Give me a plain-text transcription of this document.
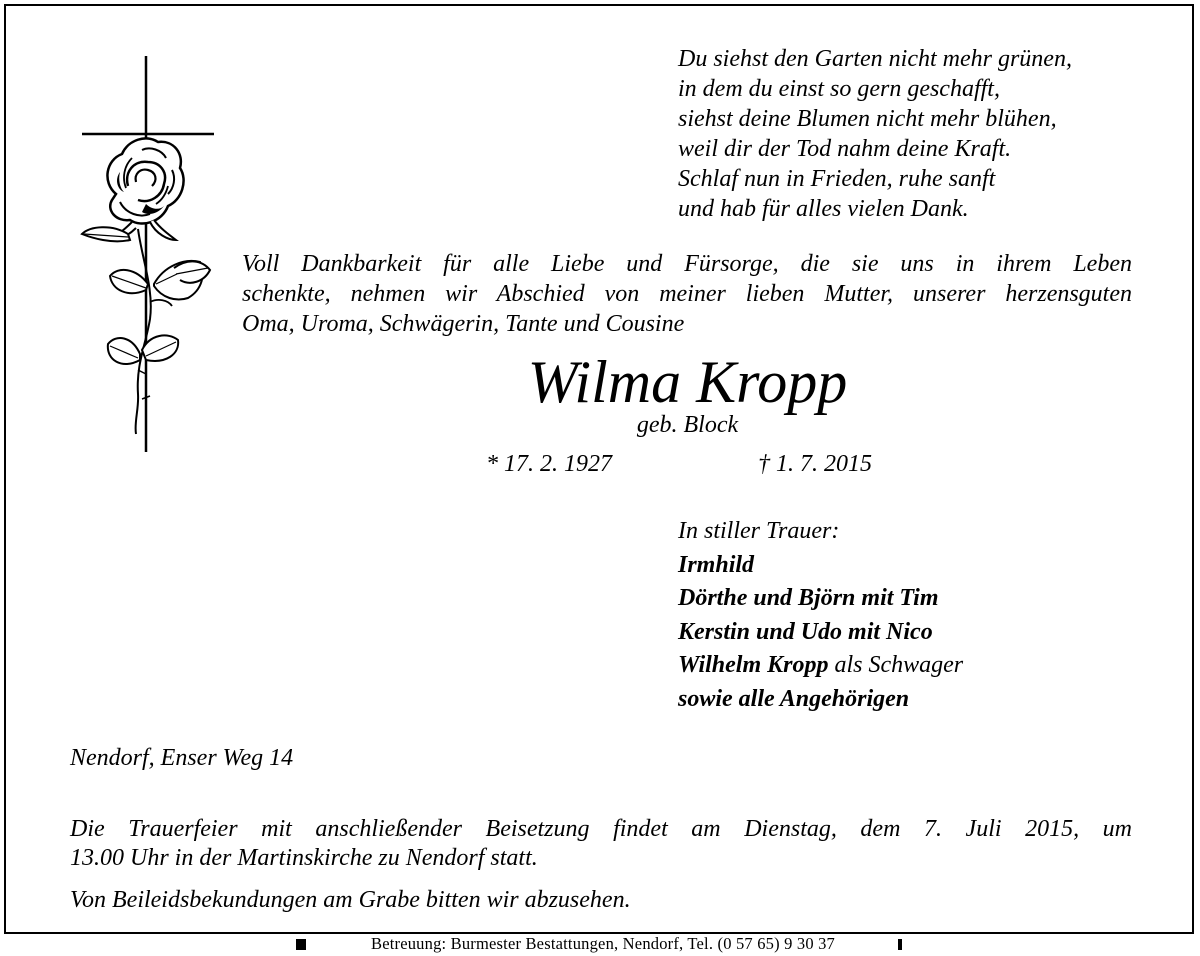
Du siehst den Garten nicht mehr grünen,
in dem du einst so gern geschafft,
siehst deine Blumen nicht mehr blühen,
weil dir der Tod nahm deine Kraft.
Schlaf nun in Frieden, ruhe sanft
und hab für alles vielen Dank.
Voll Dankbarkeit für alle Liebe und Fürsorge, die sie uns in ihrem Leben
schenkte, nehmen wir Abschied von meiner lieben Mutter, unserer herzensguten
Oma, Uroma, Schwägerin, Tante und Cousine
Wilma Kropp
geb. Block
* 17. 2. 1927	† 1. 7. 2015
In stiller Trauer:
Irmhild
Dörthe und Björn mit Tim
Kerstin und Udo mit Nico
Wilhelm Kropp als Schwager
sowie alle Angehörigen
Nendorf, Enser Weg 14
Die Trauerfeier mit anschließender Beisetzung findet am Dienstag, dem 7. Juli 2015, um
13.00 Uhr in der Martinskirche zu Nendorf statt.
Von Beileidsbekundungen am Grabe bitten wir abzusehen.
Betreuung: Burmester Bestattungen, Nendorf, Tel. (0 57 65) 9 30 37
